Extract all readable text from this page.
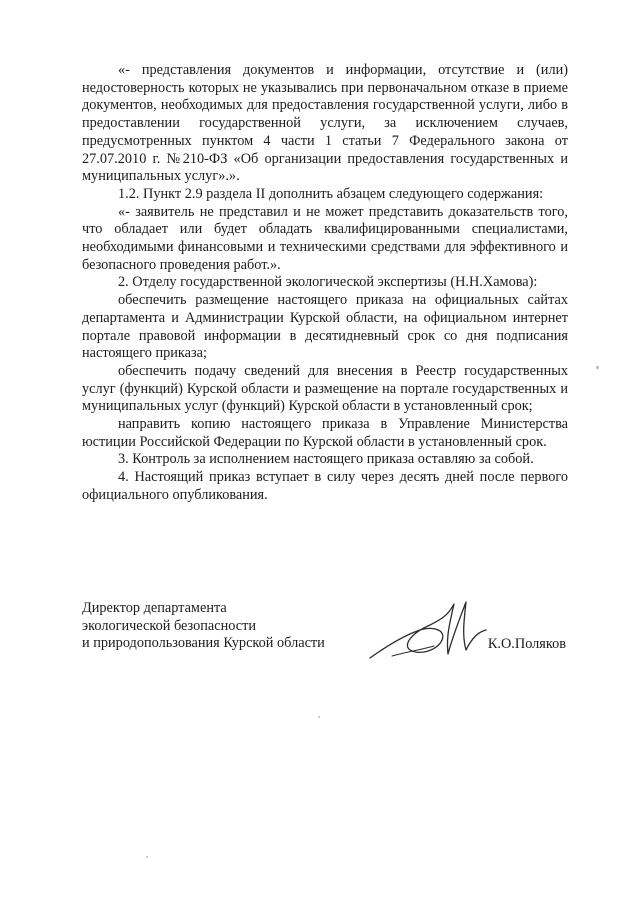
«- представления документов и информации, отсутствие и (или) недостоверность которых не указывались при первоначальном отказе в приеме документов, необходимых для предоставления государственной услуги, либо в предоставлении государственной услуги, за исключением случаев, предусмотренных пунктом 4 части 1 статьи 7 Федерального закона от 27.07.2010 г. №210-ФЗ «Об организации предоставления государственных и муниципальных услуг».».

1.2. Пункт 2.9 раздела II дополнить абзацем следующего содержания:

«- заявитель не представил и не может представить доказательств того, что обладает или будет обладать квалифицированными специалистами, необходимыми финансовыми и техническими средствами для эффективного и безопасного проведения работ.».

2. Отделу государственной экологической экспертизы (Н.Н.Хамова):

обеспечить размещение настоящего приказа на официальных сайтах департамента и Администрации Курской области, на официальном интернет портале правовой информации в десятидневный срок со дня подписания настоящего приказа;

обеспечить подачу сведений для внесения в Реестр государственных услуг (функций) Курской области и размещение на портале государственных и муниципальных услуг (функций) Курской области в установленный срок;

направить копию настоящего приказа в Управление Министерства юстиции Российской Федерации по Курской области в установленный срок.

3. Контроль за исполнением настоящего приказа оставляю за собой.

4. Настоящий приказ вступает в силу через десять дней после первого официального опубликования.

Директор департамента
экологической безопасности
и природопользования Курской области	К.О.Поляков
